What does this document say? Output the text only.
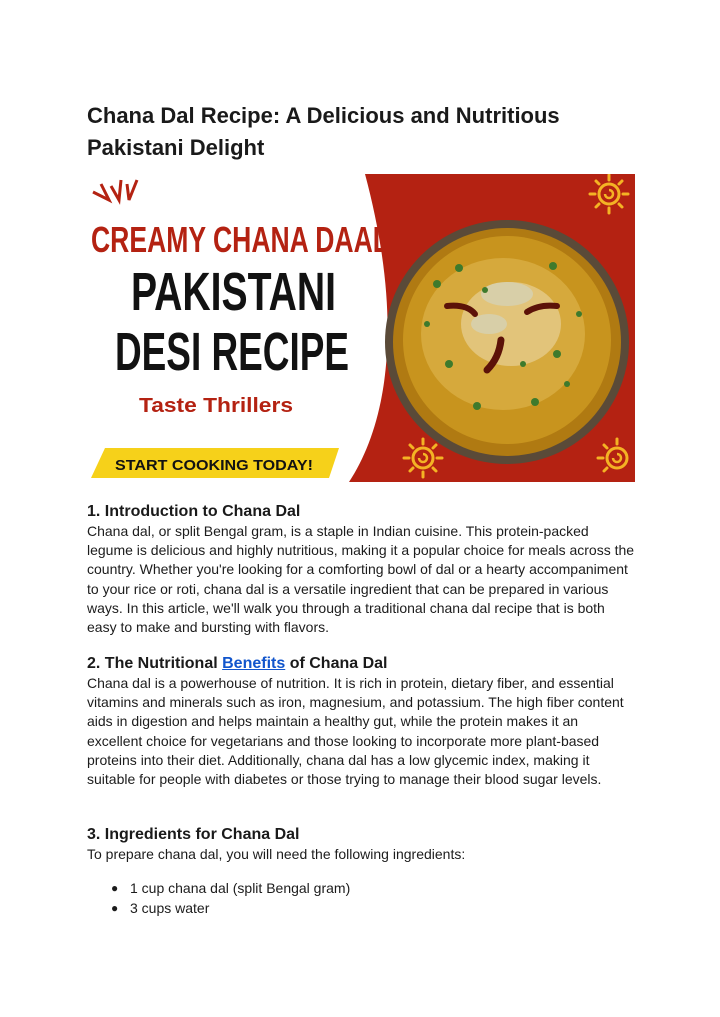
Chana Dal Recipe: A Delicious and Nutritious Pakistani Delight
CREAMY CHANA DAAL
PAKISTANI
DESI RECIPE
Taste Thrillers
START COOKING TODAY!
1. Introduction to Chana Dal

Chana dal, or split Bengal gram, is a staple in Indian cuisine. This protein-packed legume is delicious and highly nutritious, making it a popular choice for meals across the country. Whether you're looking for a comforting bowl of dal or a hearty accompaniment to your rice or roti, chana dal is a versatile ingredient that can be prepared in various ways. In this article, we'll walk you through a traditional chana dal recipe that is both easy to make and bursting with flavors.

2. The Nutritional Benefits of Chana Dal

Chana dal is a powerhouse of nutrition. It is rich in protein, dietary fiber, and essential vitamins and minerals such as iron, magnesium, and potassium. The high fiber content aids in digestion and helps maintain a healthy gut, while the protein makes it an excellent choice for vegetarians and those looking to incorporate more plant-based proteins into their diet. Additionally, chana dal has a low glycemic index, making it suitable for people with diabetes or those trying to manage their blood sugar levels.

3. Ingredients for Chana Dal

To prepare chana dal, you will need the following ingredients:

● 1 cup chana dal (split Bengal gram)
● 3 cups water
